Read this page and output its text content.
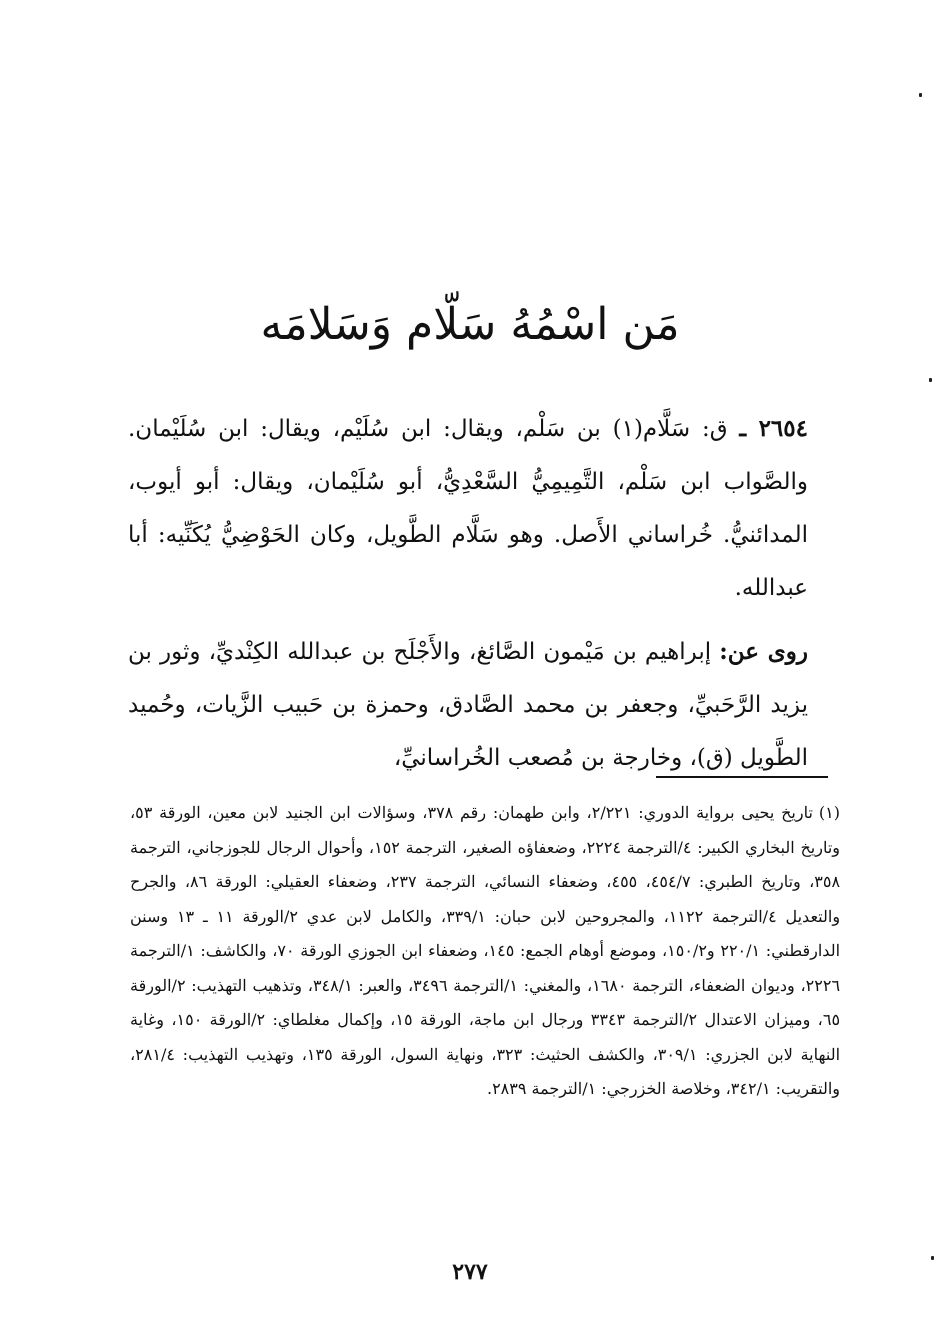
مَن اسْمُهُ سَلّام وَسَلامَه

٢٦٥٤ ـ ق: سَلَّام(١) بن سَلْم، ويقال: ابن سُلَيْم، ويقال: ابن سُلَيْمان. والصَّواب ابن سَلْم، التَّمِيمِيُّ السَّعْدِيُّ، أبو سُلَيْمان، ويقال: أبو أيوب، المدائنيُّ. خُراساني الأَصل. وهو سَلَّام الطَّويل، وكان الحَوْضِيُّ يُكَنِّيه: أبا عبدالله.

روى عن: إبراهيم بن مَيْمون الصَّائغ، والأَجْلَح بن عبدالله الكِنْديِّ، وثور بن يزيد الرَّحَبيِّ، وجعفر بن محمد الصَّادق، وحمزة بن حَبيب الزَّيات، وحُميد الطَّويل (ق)، وخارجة بن مُصعب الخُراسانيِّ،

(١)تاريخ يحيى برواية الدوري: ٢/٢٢١، وابن طهمان: رقم ٣٧٨، وسؤالات ابن الجنيد لابن معين، الورقة ٥٣، وتاريخ البخاري الكبير: ٤/الترجمة ٢٢٢٤، وضعفاؤه الصغير، الترجمة ١٥٢، وأحوال الرجال للجوزجاني، الترجمة ٣٥٨، وتاريخ الطبري: ٤٥٤/٧، ٤٥٥، وضعفاء النسائي، الترجمة ٢٣٧، وضعفاء العقيلي: الورقة ٨٦، والجرح والتعديل ٤/الترجمة ١١٢٢، والمجروحين لابن حبان: ٣٣٩/١، والكامل لابن عدي ٢/الورقة ١١ ـ ١٣ وسنن الدارقطني: ٢٢٠/١ و١٥٠/٢، وموضع أوهام الجمع: ١٤٥، وضعفاء ابن الجوزي الورقة ٧٠، والكاشف: ١/الترجمة ٢٢٢٦، وديوان الضعفاء، الترجمة ١٦٨٠، والمغني: ١/الترجمة ٣٤٩٦، والعبر: ٣٤٨/١، وتذهيب التهذيب: ٢/الورقة ٦٥، وميزان الاعتدال ٢/الترجمة ٣٣٤٣ ورجال ابن ماجة، الورقة ١٥، وإكمال مغلطاي: ٢/الورقة ١٥٠، وغاية النهاية لابن الجزري: ٣٠٩/١، والكشف الحثيث: ٣٢٣، ونهاية السول، الورقة ١٣٥، وتهذيب التهذيب: ٢٨١/٤، والتقريب: ٣٤٢/١، وخلاصة الخزرجي: ١/الترجمة ٢٨٣٩.
٢٧٧
